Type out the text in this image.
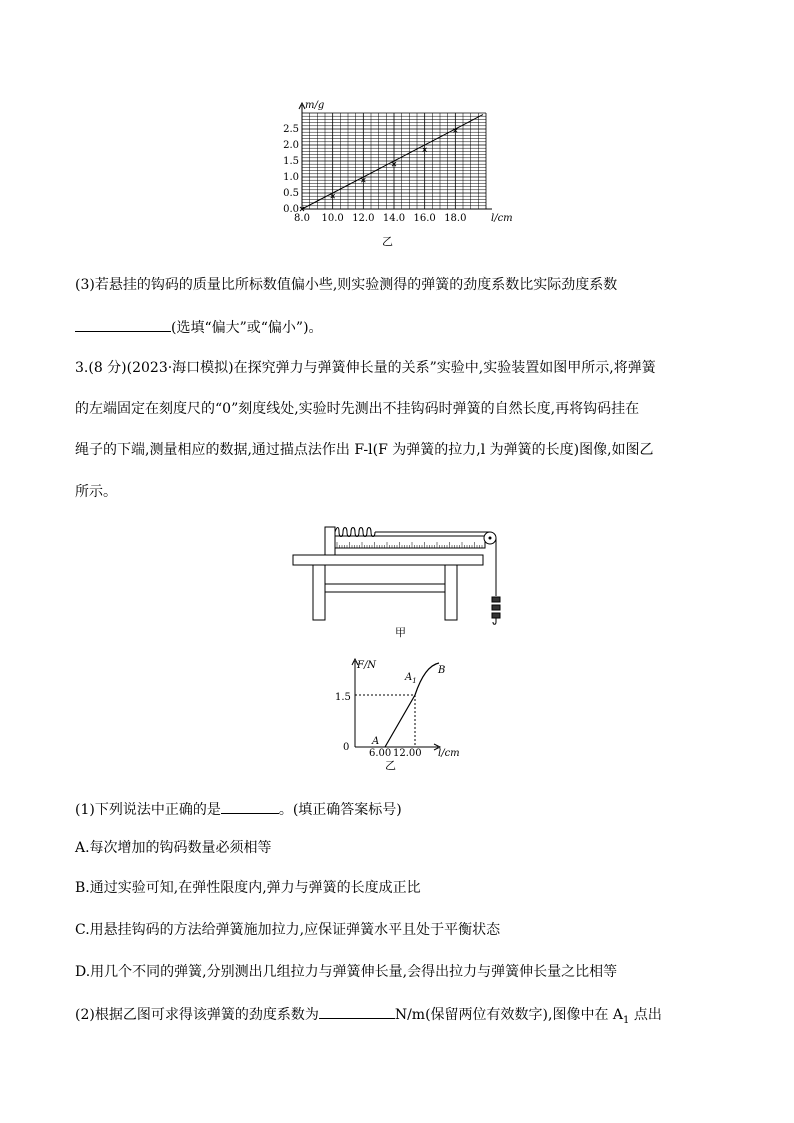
m/g
l/cm
0.0
0.5
1.0
1.5
2.0
2.5
8.0 10.0 12.0 14.0 16.0 18.0
乙
(3)若悬挂的钩码的质量比所标数值偏小些,则实验测得的弹簧的劲度系数比实际劲度系数
(选填“偏大”或“偏小”)。
3.(8 分)(2023·海口模拟)在探究弹力与弹簧伸长量的关系”实验中,实验装置如图甲所示,将弹簧
的左端固定在刻度尺的“0”刻度线处,实验时先测出不挂钩码时弹簧的自然长度,再将钩码挂在
绳子的下端,测量相应的数据,通过描点法作出 F-l(F 为弹簧的拉力,l 为弹簧的长度)图像,如图乙
所示。
甲
F/N
l/cm
1.5
0
6.00 12.00
A
$A_1$
B
乙
(1)下列说法中正确的是	。(填正确答案标号)
A.每次增加的钩码数量必须相等
B.通过实验可知,在弹性限度内,弹力与弹簧的长度成正比
C.用悬挂钩码的方法给弹簧施加拉力,应保证弹簧水平且处于平衡状态
D.用几个不同的弹簧,分别测出几组拉力与弹簧伸长量,会得出拉力与弹簧伸长量之比相等
(2)根据乙图可求得该弹簧的劲度系数为	N/m(保留两位有效数字),图像中在 $A_1$ 点出
